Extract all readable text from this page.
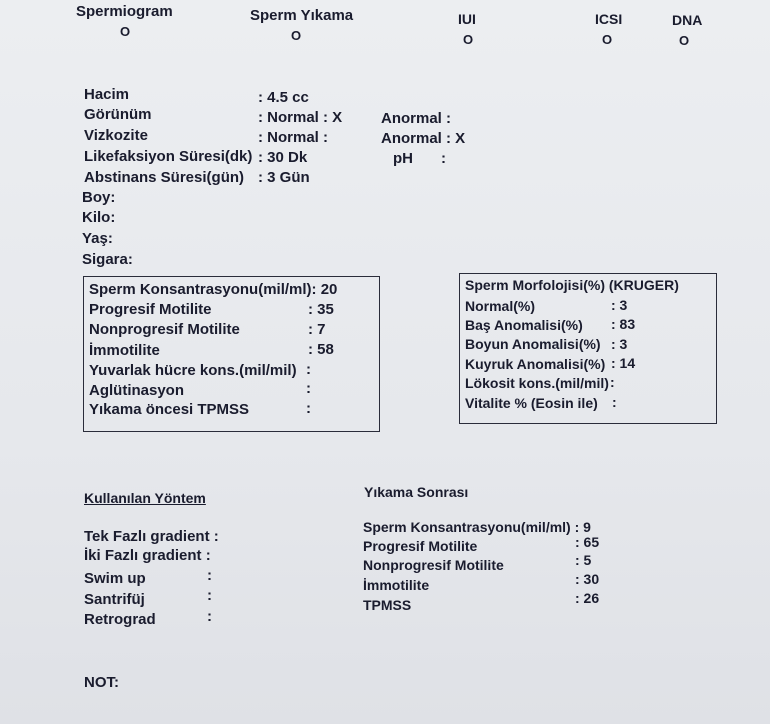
Spermiogram
O
Sperm Yıkama
O
IUI
O
ICSI
O
DNA
O
Hacim	: 4.5 cc
Görünüm	: Normal : X	Anormal :
Vizkozite	: Normal :	Anormal : X
Likefaksiyon Süresi(dk) : 30 Dk	pH :
Abstinans Süresi(gün) : 3 Gün
Boy:
Kilo:
Yaş:
Sigara:
Sperm Konsantrasyonu(mil/ml): 20
Progresif Motilite	: 35
Nonprogresif Motilite	: 7
İmmotilite	: 58
Yuvarlak hücre kons.(mil/mil) :
Aglütinasyon	:
Yıkama öncesi TPMSS	:
Sperm Morfolojisi(%) (KRUGER)
Normal(%)	: 3
Baş Anomalisi(%) : 83
Boyun Anomalisi(%) : 3
Kuyruk Anomalisi(%) : 14
Lökosit kons.(mil/mil) :
Vitalite % (Eosin ile) :
Kullanılan Yöntem
Tek Fazlı gradient :
İki Fazlı gradient :
Swim up	:
Santrifüj	:
Retrograd	:
Yıkama Sonrası
Sperm Konsantrasyonu(mil/ml) : 9
Progresif Motilite	: 65
Nonprogresif Motilite	: 5
İmmotilite	: 30
TPMSS	: 26
NOT:
